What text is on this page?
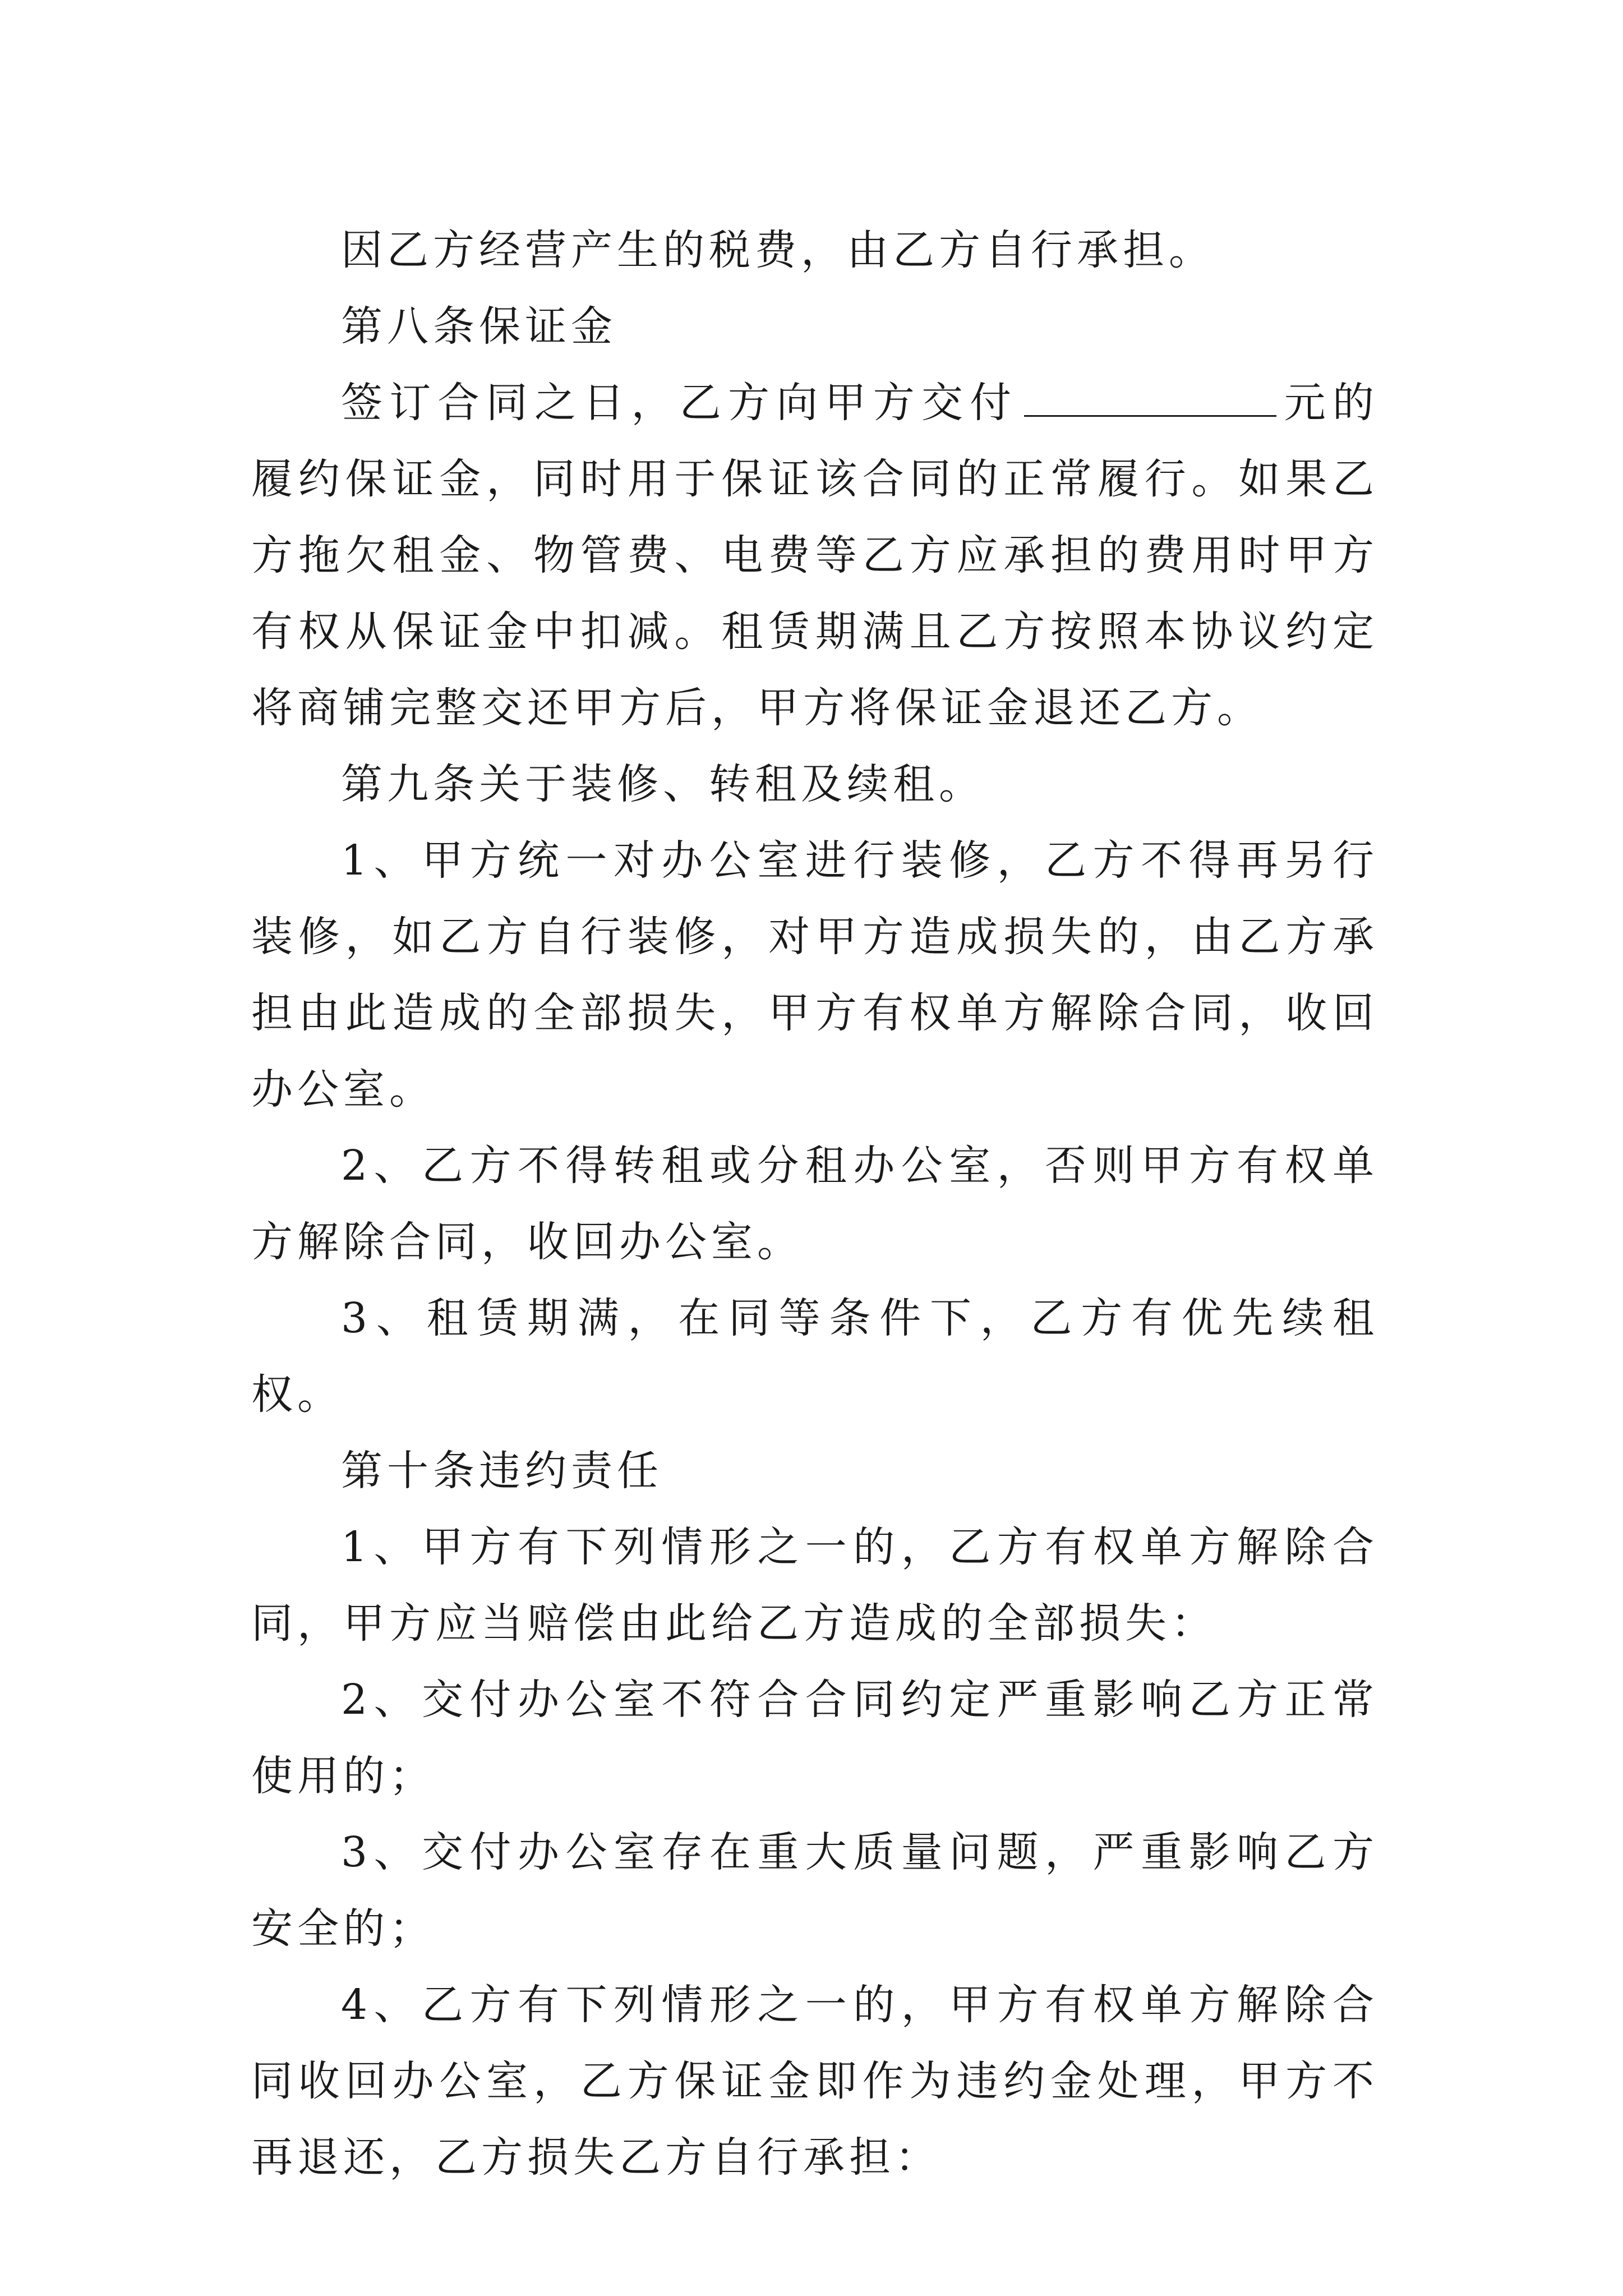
因乙方经营产生的税费，由乙方自行承担。

第八条保证金

签订合同之日，乙方向甲方交付	元的履约保证金，同时用于保证该合同的正常履行。如果乙方拖欠租金、物管费、电费等乙方应承担的费用时甲方有权从保证金中扣减。租赁期满且乙方按照本协议约定将商铺完整交还甲方后，甲方将保证金退还乙方。

第九条关于装修、转租及续租。

1、甲方统一对办公室进行装修，乙方不得再另行装修，如乙方自行装修，对甲方造成损失的，由乙方承担由此造成的全部损失，甲方有权单方解除合同，收回办公室。

2、乙方不得转租或分租办公室，否则甲方有权单方解除合同，收回办公室。

3、租赁期满，在同等条件下，乙方有优先续租权。

第十条违约责任

1、甲方有下列情形之一的，乙方有权单方解除合同，甲方应当赔偿由此给乙方造成的全部损失：

2、交付办公室不符合合同约定严重影响乙方正常使用的；

3、交付办公室存在重大质量问题，严重影响乙方安全的；

4、乙方有下列情形之一的，甲方有权单方解除合同收回办公室，乙方保证金即作为违约金处理，甲方不再退还，乙方损失乙方自行承担：
